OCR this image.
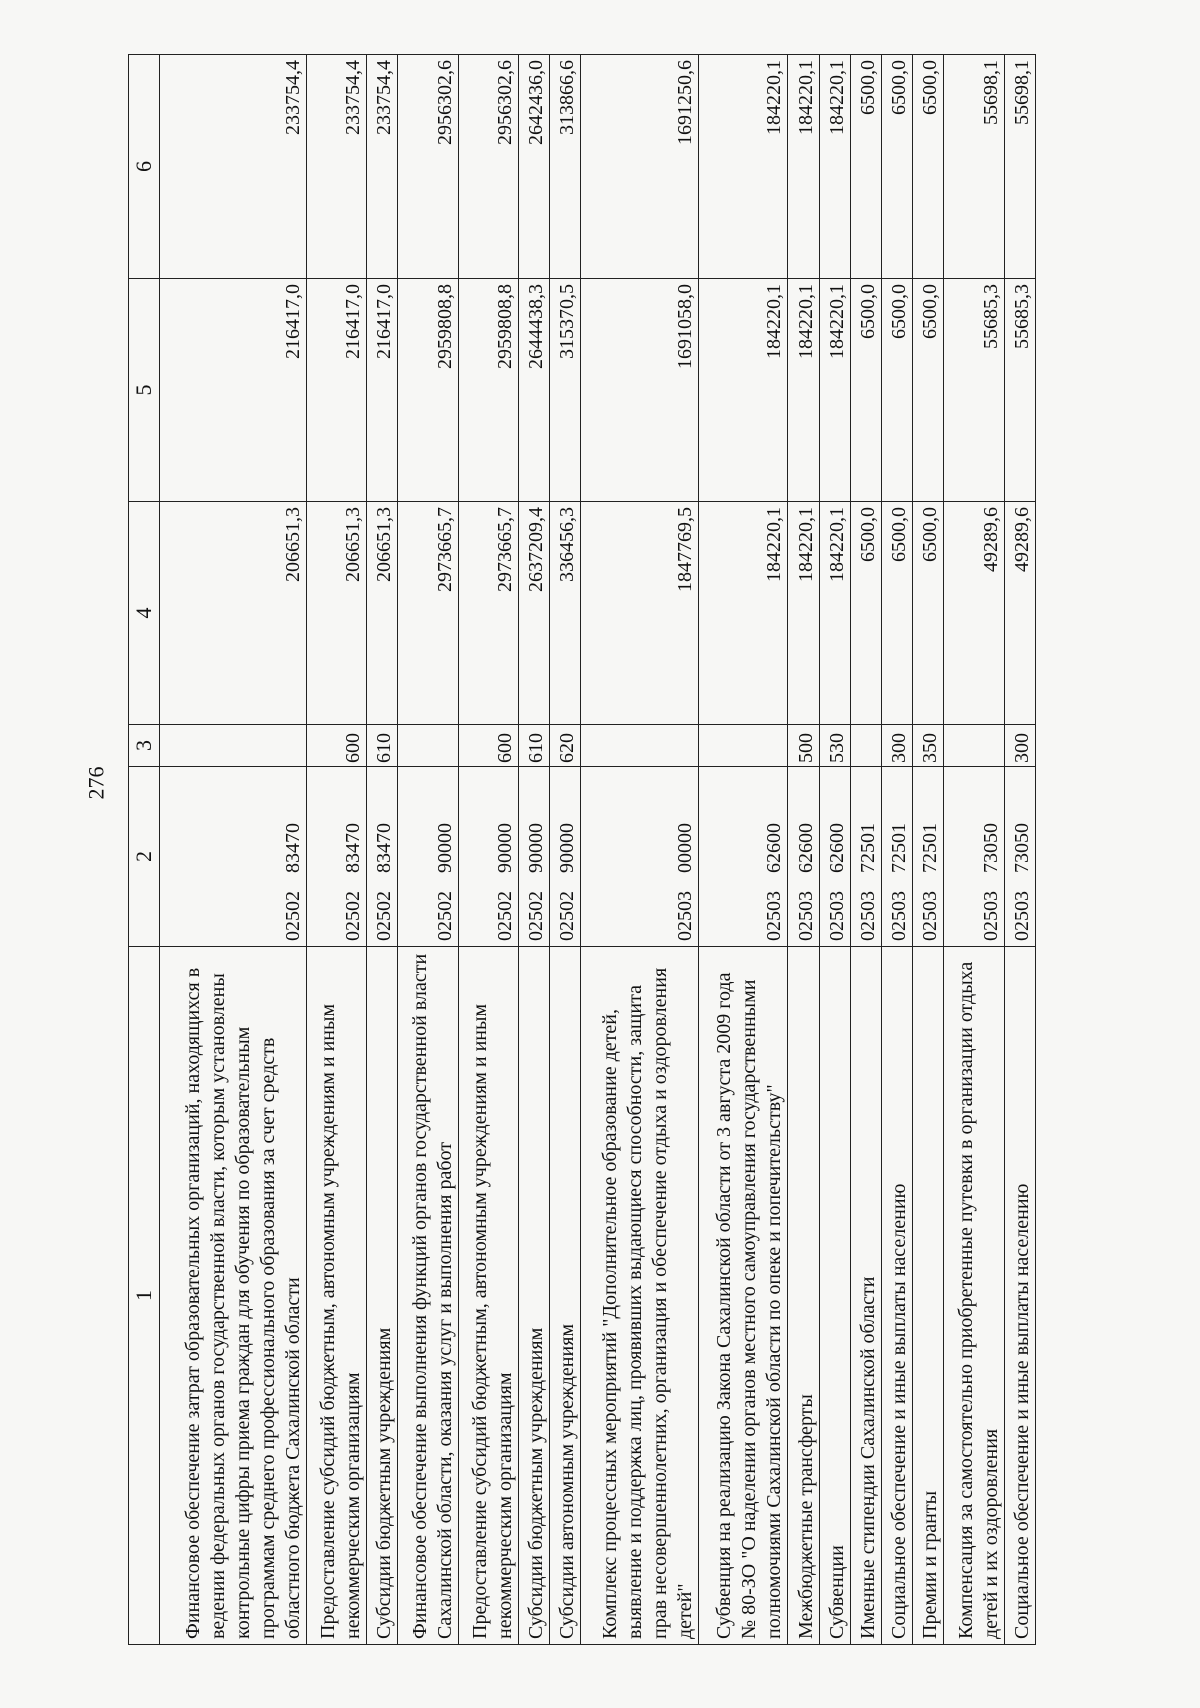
276
1	2	3	4	5	6
Финансовое обеспечение затрат образовательных организаций, находящихся в ведении федеральных органов государственной власти, которым установлены контрольные цифры приема граждан для обучения по образовательным программам среднего профессионального образования за счет средств областного бюджета Сахалинской области	0250283470		206651,3	216417,0	233754,4
Предоставление субсидий бюджетным, автономным учреждениям и иным некоммерческим организациям	0250283470	600	206651,3	216417,0	233754,4
Субсидии бюджетным учреждениям	0250283470	610	206651,3	216417,0	233754,4
Финансовое обеспечение выполнения функций органов государственной власти Сахалинской области, оказания услуг и выполнения работ	0250290000		2973665,7	2959808,8	2956302,6
Предоставление субсидий бюджетным, автономным учреждениям и иным некоммерческим организациям	0250290000	600	2973665,7	2959808,8	2956302,6
Субсидии бюджетным учреждениям	0250290000	610	2637209,4	2644438,3	2642436,0
Субсидии автономным учреждениям	0250290000	620	336456,3	315370,5	313866,6
Комплекс процессных мероприятий "Дополнительное образование детей, выявление и поддержка лиц, проявивших выдающиеся способности, защита прав несовершеннолетних, организация и обеспечение отдыха и оздоровления детей"	0250300000		1847769,5	1691058,0	1691250,6
Субвенция на реализацию Закона Сахалинской области от 3 августа 2009 года № 80-ЗО "О наделении органов местного самоуправления государственными полномочиями Сахалинской области по опеке и попечительству"	0250362600		184220,1	184220,1	184220,1
Межбюджетные трансферты	0250362600	500	184220,1	184220,1	184220,1
Субвенции	0250362600	530	184220,1	184220,1	184220,1
Именные стипендии Сахалинской области	0250372501		6500,0	6500,0	6500,0
Социальное обеспечение и иные выплаты населению	0250372501	300	6500,0	6500,0	6500,0
Премии и гранты	0250372501	350	6500,0	6500,0	6500,0
Компенсация за самостоятельно приобретенные путевки в организации отдыха детей и их оздоровления	0250373050		49289,6	55685,3	55698,1
Социальное обеспечение и иные выплаты населению	0250373050	300	49289,6	55685,3	55698,1
